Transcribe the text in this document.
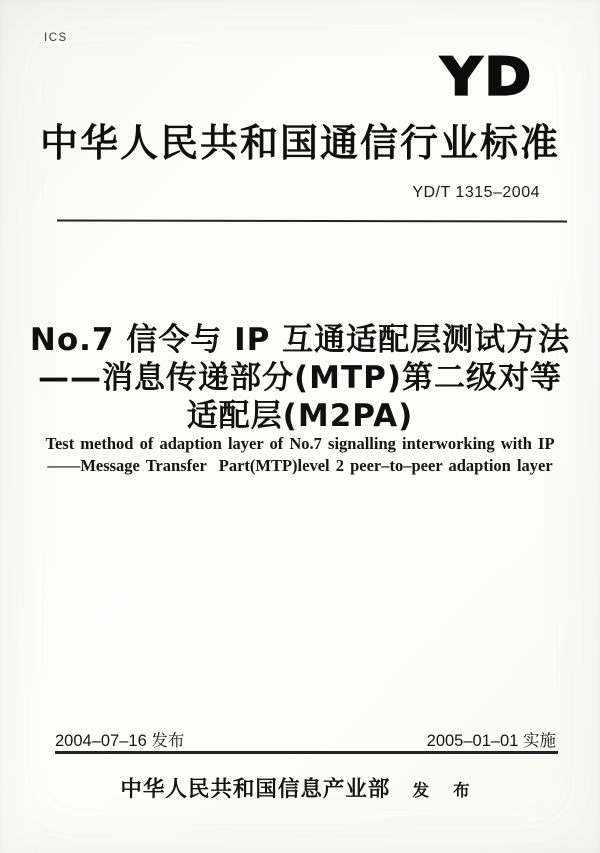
ICS
YD
中华人民共和国通信行业标准
YD/T 1315–2004
No.7 信令与 IP 互通适配层测试方法
——消息传递部分(MTP)第二级对等
适配层(M2PA)
Test method of adaption layer of No.7 signalling interworking with IP
——Message Transfer  Part(MTP)level 2 peer–to–peer adaption layer
2004–07–16 发布	2005–01–01 实施
中华人民共和国信息产业部 发 布
